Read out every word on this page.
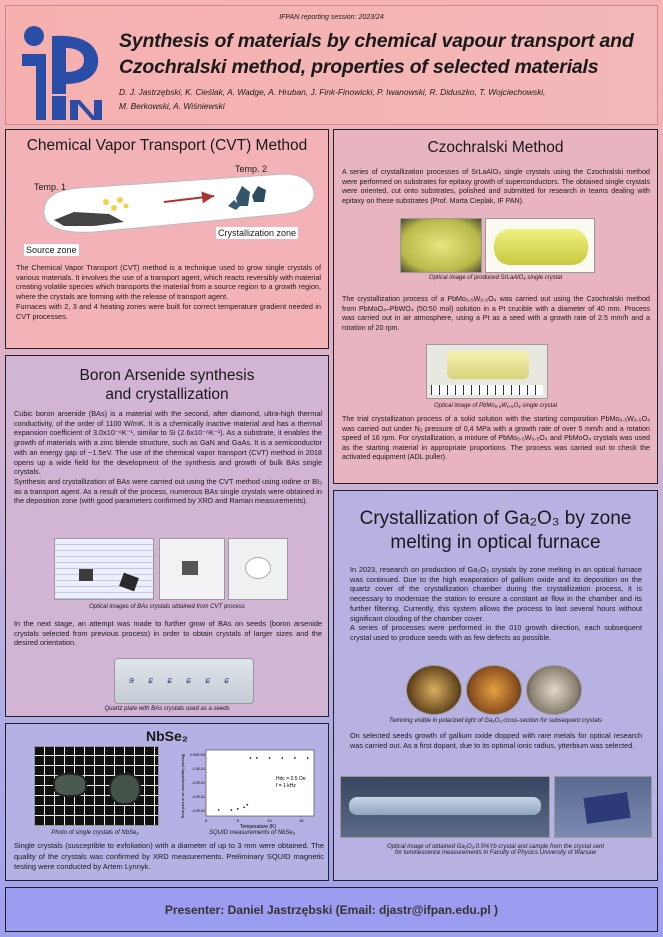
IFPAN reporting session: 2023/24
Synthesis of materials by chemical vapour transport and
Czochralski method, properties of selected materials
D. J. Jastrzębski, K. Cieślak, A. Wadge, A. Hruban, J. Fink-Finowicki, P. Iwanowski, R. Diduszko, T. Wojciechowski,
M. Berkowski, A. Wiśniewski
Chemical Vapor Transport (CVT) Method
Temp. 1
Temp. 2
Source zone
Crystallization zone

The Chemical Vapor Transport (CVT) method is a technique used to grow single crystals of various materials. It involves the use of a transport agent, which reacts reversibly with material creating volatile species which transports the material from a source region to a growth region, where the crystals are forming with the release of transport agent.

Furnaces with 2, 3 and 4 heating zones were built for correct temperature gradient needed in CVT processes.

Boron Arsenide synthesis
and crystallization

Cubic boron arsenide (BAs) is a material with the second, after diamond, ultra-high thermal conductivity, of the order of 1100 W/mK. It is a chemically inactive material and has a thermal expansion coefficient of 3.0x10⁻⁶K⁻¹, similar to Si (2.6x10⁻⁶K⁻¹). As a substrate, it enables the growth of materials with a zinc blende structure, such as GaN and GaAs. It is a semiconductor with an energy gap of ~1.5eV. The use of the chemical vapor transport (CVT) method in 2018 opens up a wide field for the development of the synthesis and growth of bulk BAs single crystals.

Synthesis and crystallization of BAs were carried out using the CVT method using iodine or BI₃ as a transport agent. As a result of the process, numerous BAs single crystals were obtained in the deposition zone (with good parameters confirmed by XRD and Raman measurements).

Optical images of BAs crystals obtained from CVT process
In the next stage, an attempt was made to further grow of BAs on seeds (boron arsenide crystals selected from previous process) in order to obtain crystals of larger sizes and the desired orientation.
ɘ ɕ ɕ ɕ ɕ ɕ
Quartz plate with BAs crystals used as a seeds
NbSe₂
Photo of single crystals of NbSe₂
0.00E+00
-1.0E-01
-2.0E-01
-3.0E-01
-4.0E-01
0	5	10	15
Temperature (K)
Real part of ac susceptibility (emu/g)	Hdc = 0.5 Oe
f = 1 kHz
SQUID measurements of NbSe₂
Single crystals (susceptible to exfoliation) with a diameter of up to 3 mm were obtained. The quality of the crystals was confirmed by XRD measurements. Preliminary SQUID magnetic testing were conducted by Artem Lynnyk.
Czochralski Method
A series of crystallization processes of SrLaAlO₄ single crystals using the Czochralski method were performed on substrates for epitaxy growth of superconductors. The obtained single crystals were oriented, cut onto substrates, polished and submitted for research in teams dealing with epitaxy on these substrates (Prof. Marta Cieplak, IF PAN).
Optical image of produced SrLaAlO₄ single crystal
The crystallization process of a PbMo₀.₅W₀.₅O₄ was carried out using the Czochralski method from PbMoO₄–PbWO₄ (50:50 mol) solution in a Pt crucible with a diameter of 40 mm. Process was carried out in air atmosphere, using a Pt as a seed with a growth rate of 2.5 mm/h and a rotation of 20 rpm.
Optical image of PbMo₀.₅W₀.₅O₄ single crystal
The trial crystallization process of a solid solution with the starting composition PbMo₀.₅W₀.₅O₄ was carried out under N₂ pressure of 0,4 MPa with a growth rate of over 5 mm/h and a rotation speed of 16 rpm. For crystallization, a mixture of PbMo₀.₅W₀.₅O₄ and PbMoO₄ crystals was used as the starting material in appropriate proportions. The process was carried out to check the activated equipment (ADL puller).
Crystallization of Ga₂O₃ by zone
melting in optical furnace

In 2023, research on production of Ga₂O₃ crystals by zone melting in an optical furnace was continued. Due to the high evaporation of gallium oxide and its deposition on the quartz cover of the crystallization chamber during the crystallization process, it is necessary to modernize the station to ensure a constant air flow in the chamber and its further filtering. Currently, this system allows the process to last several hours without significant clouding of the chamber cover.

A series of processes were performed in the 010 growth direction, each subsequent crystal used to produce seeds with as few defects as possible.

Twinning visible in polarized light of Ga₂O₃ cross-section for subsequent crystals
On selected seeds growth of gallium oxide dopped with rare metals for optical research was carried out. As a first dopant, due to its optimal ionic radius, ytterbium was selected.
Optical image of obtained Ga₂O₃:0.5%Yb crystal and sample from the crystal sent
for luminescence measurements in Faculty of Physics University of Warsaw
Presenter: Daniel Jastrzębski (Email: djastr@ifpan.edu.pl )
